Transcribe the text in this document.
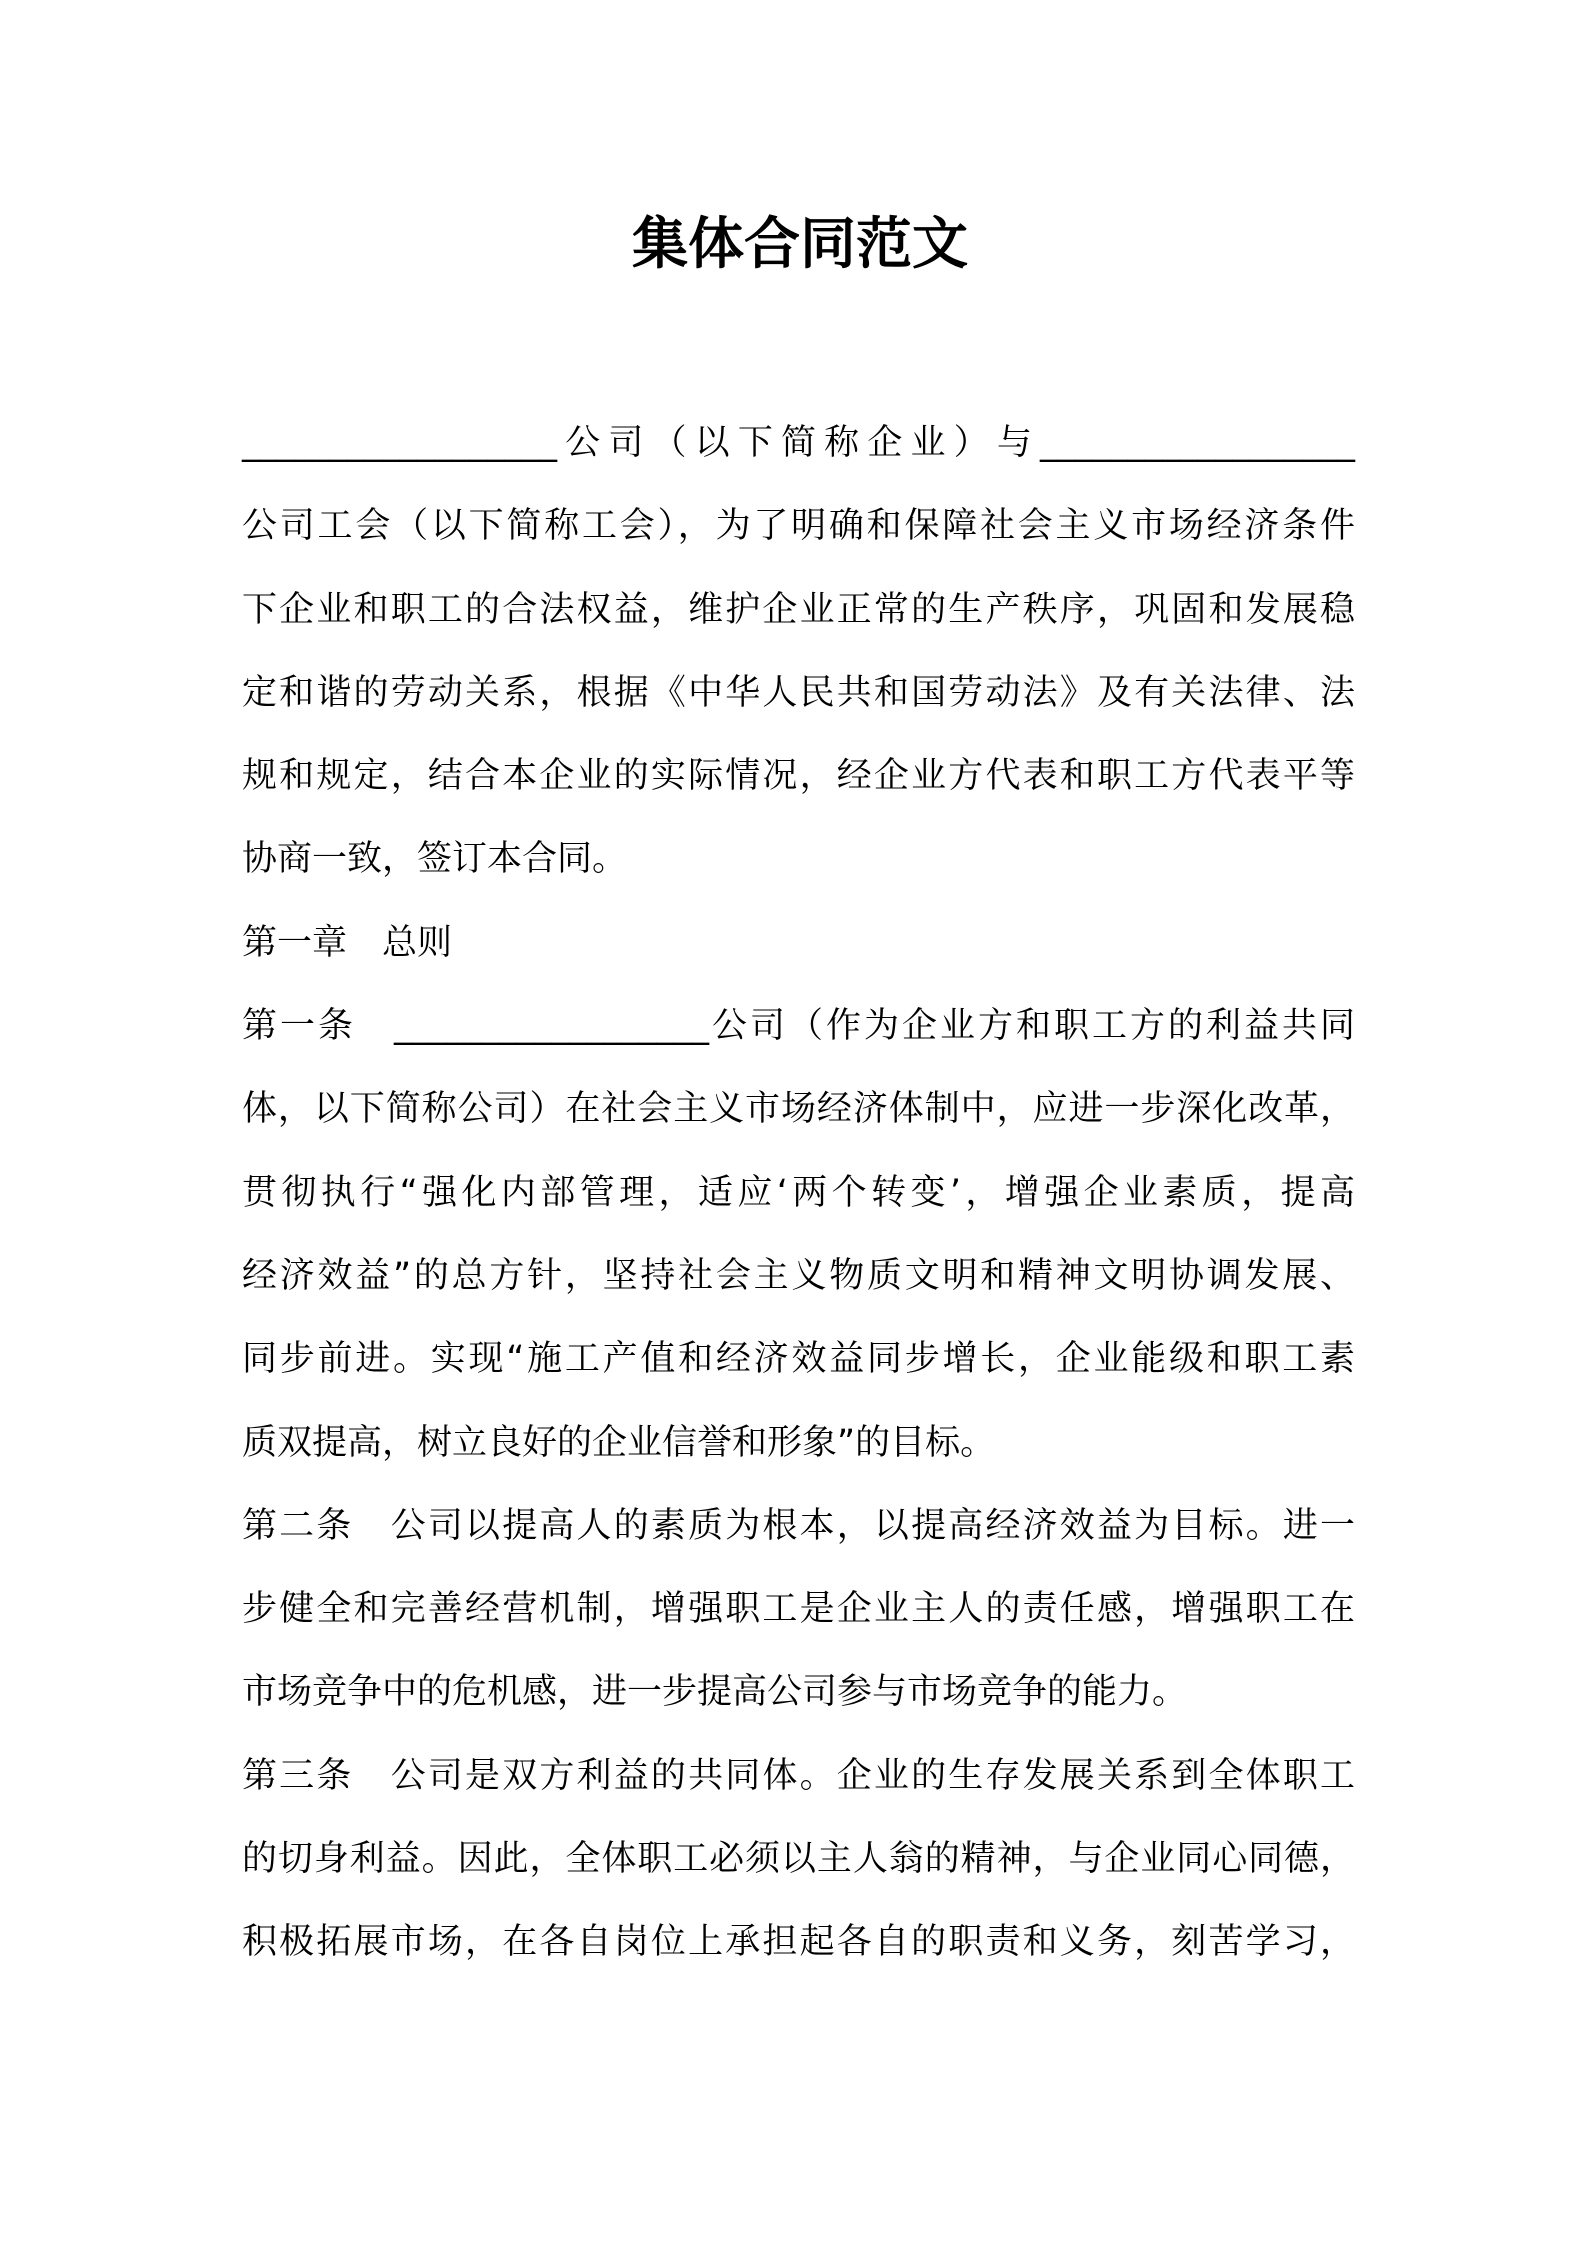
集体合同范文
__________________公司（以下简称企业）与__________________
公司工会（以下简称工会），为了明确和保障社会主义市场经济条件
下企业和职工的合法权益，维护企业正常的生产秩序，巩固和发展稳
定和谐的劳动关系，根据《中华人民共和国劳动法》及有关法律、法
规和规定，结合本企业的实际情况，经企业方代表和职工方代表平等
协商一致，签订本合同。
第一章　总则
第一条　__________________公司（作为企业方和职工方的利益共同
体，以下简称公司）在社会主义市场经济体制中，应进一步深化改革，
贯彻执行“强化内部管理，适应‘两个转变’，增强企业素质，提高
经济效益”的总方针，坚持社会主义物质文明和精神文明协调发展、
同步前进。实现“施工产值和经济效益同步增长，企业能级和职工素
质双提高，树立良好的企业信誉和形象”的目标。
第二条　公司以提高人的素质为根本，以提高经济效益为目标。进一
步健全和完善经营机制，增强职工是企业主人的责任感，增强职工在
市场竞争中的危机感，进一步提高公司参与市场竞争的能力。
第三条　公司是双方利益的共同体。企业的生存发展关系到全体职工
的切身利益。因此，全体职工必须以主人翁的精神，与企业同心同德，
积极拓展市场，在各自岗位上承担起各自的职责和义务，刻苦学习，
